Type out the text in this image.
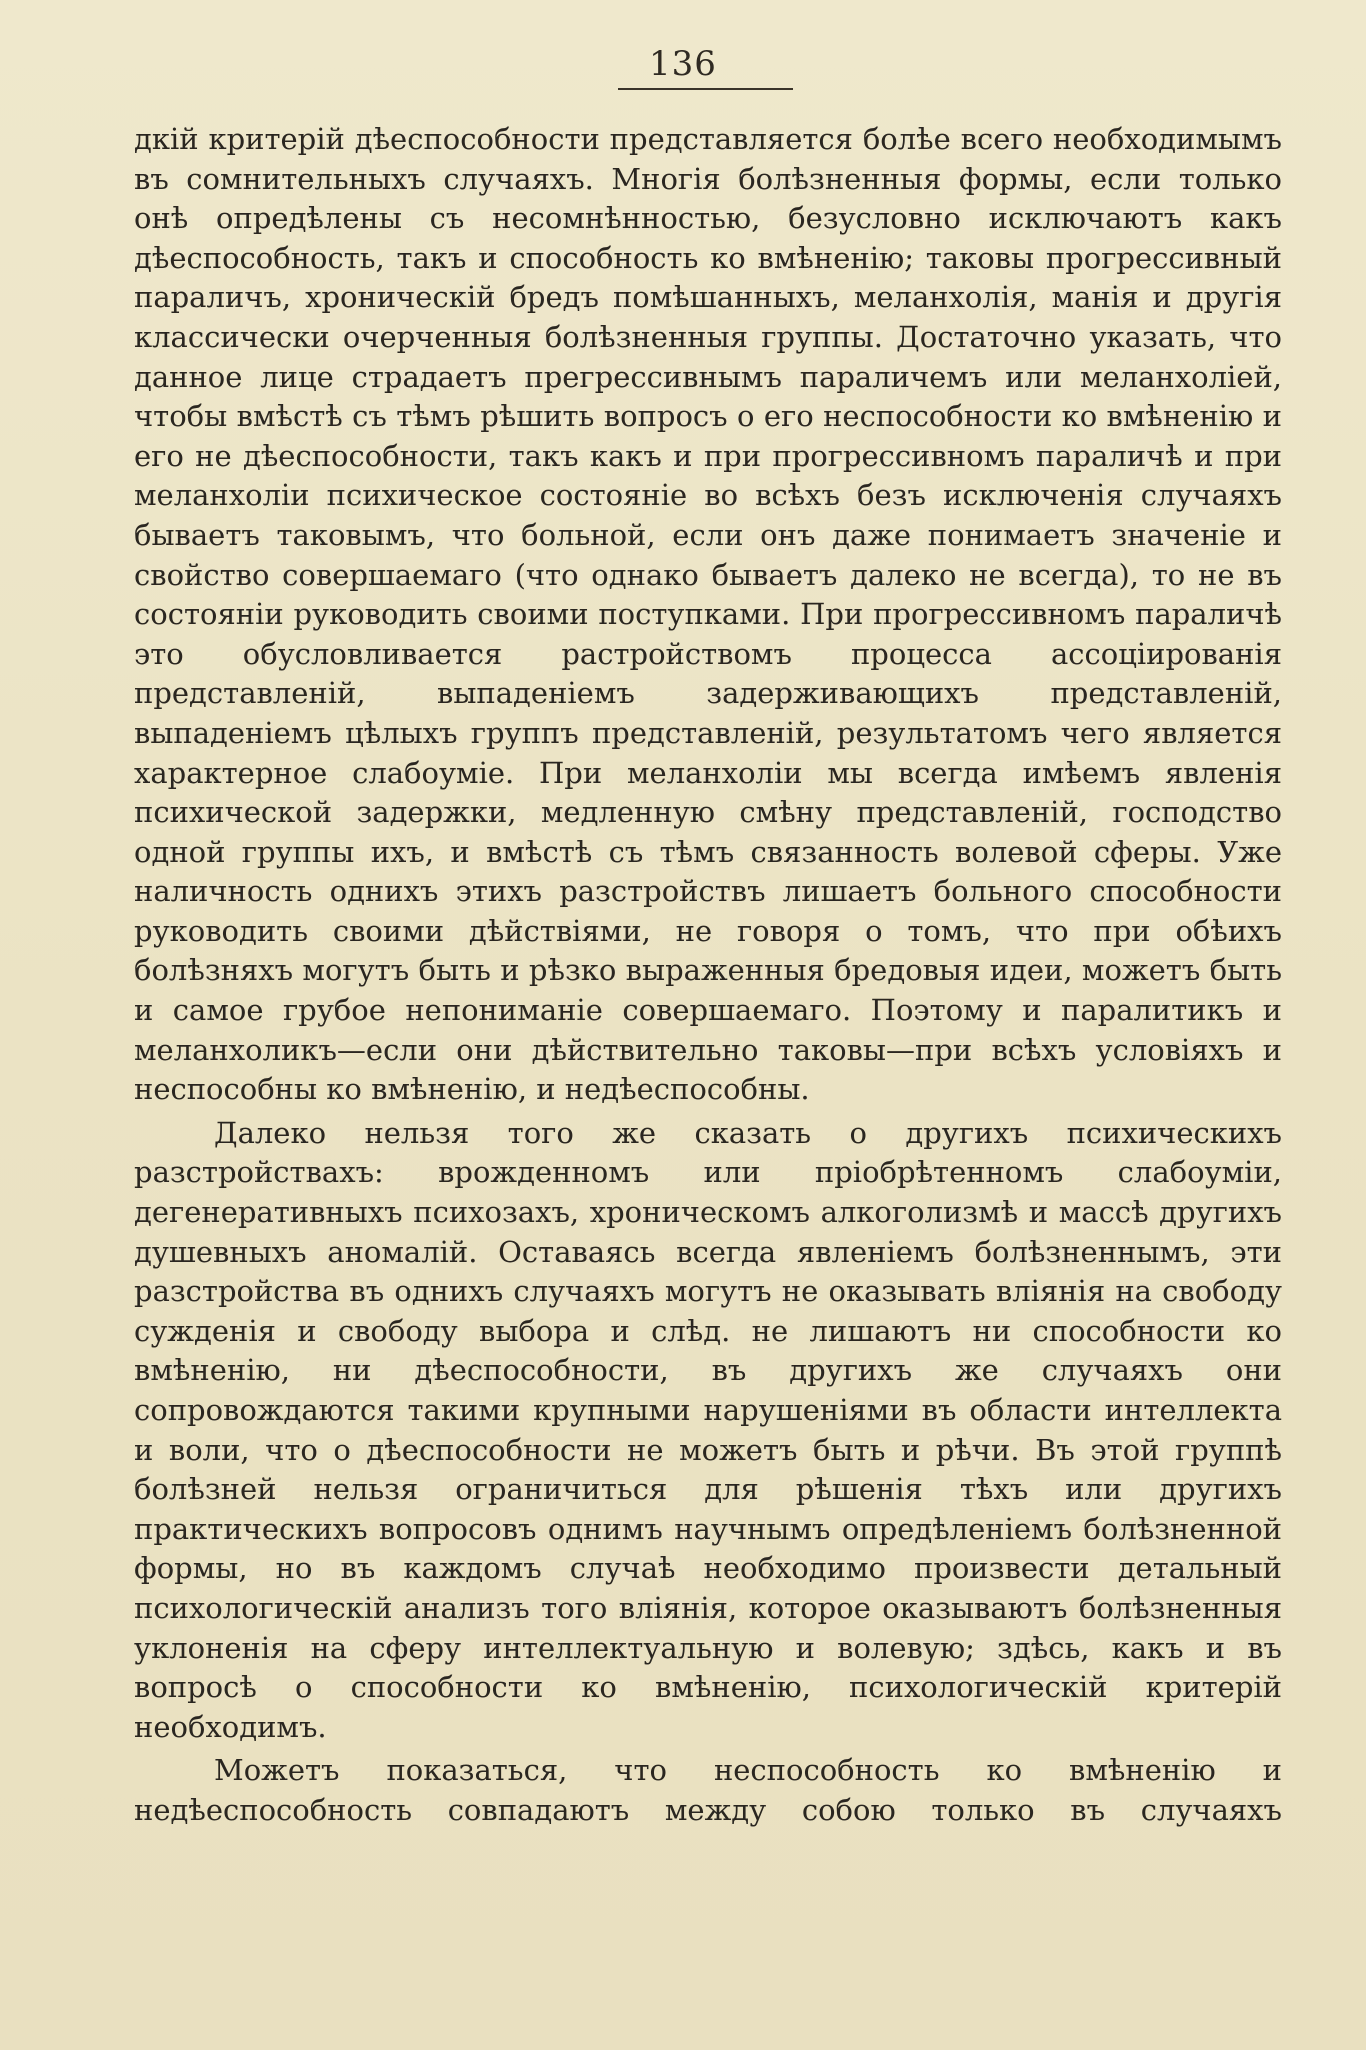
136

дкій критерій дѣеспособности представляется болѣе всего необходимымъ въ сомнительныхъ случаяхъ. Многія болѣзненныя формы, если только онѣ опредѣлены съ несомнѣнностью, безусловно исключаютъ какъ дѣеспособность, такъ и способность ко вмѣненію; таковы прогрессивный параличъ, хроническій бредъ помѣшанныхъ, меланхолія, манія и другія классически очерченныя болѣзненныя группы. Достаточно указать, что данное лице страдаетъ прегрессивнымъ параличемъ или меланхоліей, чтобы вмѣстѣ съ тѣмъ рѣшить вопросъ о его неспособности ко вмѣненію и его не дѣеспособности, такъ какъ и при прогрессивномъ параличѣ и при меланхоліи психическое состояніе во всѣхъ безъ исключенія случаяхъ бываетъ таковымъ, что больной, если онъ даже понимаетъ значеніе и свойство совершаемаго (что однако бываетъ далеко не всегда), то не въ состояніи руководить своими поступками. При прогрессивномъ параличѣ это обусловливается растройствомъ процесса ассоціированія представленій, выпаденіемъ задерживающихъ представленій, выпаденіемъ цѣлыхъ группъ представленій, результатомъ чего является характерное слабоуміе. При меланхоліи мы всегда имѣемъ явленія психической задержки, медленную смѣну представленій, господство одной группы ихъ, и вмѣстѣ съ тѣмъ связанность волевой сферы. Уже наличность однихъ этихъ разстройствъ лишаетъ больного способности руководить своими дѣйствіями, не говоря о томъ, что при обѣихъ болѣзняхъ могутъ быть и рѣзко выраженныя бредовыя идеи, можетъ быть и самое грубое непониманіе совершаемаго. Поэтому и паралитикъ и меланхоликъ—если они дѣйствительно таковы—при всѣхъ условіяхъ и неспособны ко вмѣненію, и недѣеспособны.

Далеко нельзя того же сказать о другихъ психическихъ разстройствахъ: врожденномъ или пріобрѣтенномъ слабоуміи, дегенеративныхъ психозахъ, хроническомъ алкоголизмѣ и массѣ другихъ душевныхъ аномалій. Оставаясь всегда явленіемъ болѣзненнымъ, эти разстройства въ однихъ случаяхъ могутъ не оказывать вліянія на свободу сужденія и свободу выбора и слѣд. не лишаютъ ни способности ко вмѣненію, ни дѣеспособности, въ другихъ же случаяхъ они сопровождаются такими крупными нарушеніями въ области интеллекта и воли, что о дѣеспособности не можетъ быть и рѣчи. Въ этой группѣ болѣзней нельзя ограничиться для рѣшенія тѣхъ или другихъ практическихъ вопросовъ однимъ научнымъ опредѣленіемъ болѣзненной формы, но въ каждомъ случаѣ необходимо произвести детальный психологическій анализъ того вліянія, которое оказываютъ болѣзненныя уклоненія на сферу интеллектуальную и волевую; здѣсь, какъ и въ вопросѣ о способности ко вмѣненію, психологическій критерій необходимъ.

Можетъ показаться, что неспособность ко вмѣненію и недѣеспособность совпадаютъ между собою только въ случаяхъ
